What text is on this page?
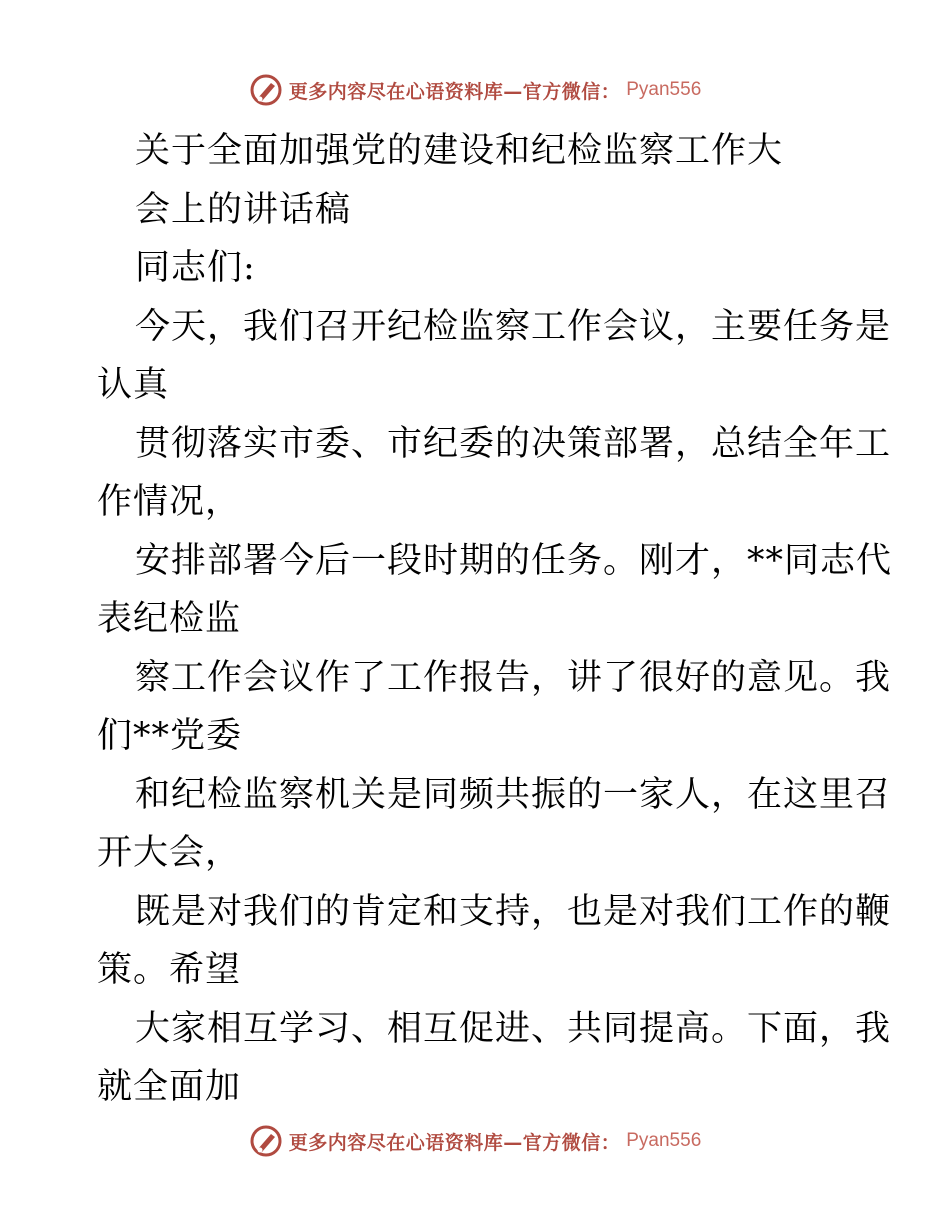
更多内容尽在心语资料库—官方微信： Pyan556
关于全面加强党的建设和纪检监察工作大
会上的讲话稿
同志们:
今天，我们召开纪检监察工作会议，主要任务是
认真
贯彻落实市委、市纪委的决策部署，总结全年工
作情况，
安排部署今后一段时期的任务。刚才，**同志代
表纪检监
察工作会议作了工作报告，讲了很好的意见。我
们**党委
和纪检监察机关是同频共振的一家人，在这里召
开大会，
既是对我们的肯定和支持，也是对我们工作的鞭
策。希望
大家相互学习、相互促进、共同提高。下面，我
就全面加
更多内容尽在心语资料库—官方微信： Pyan556
